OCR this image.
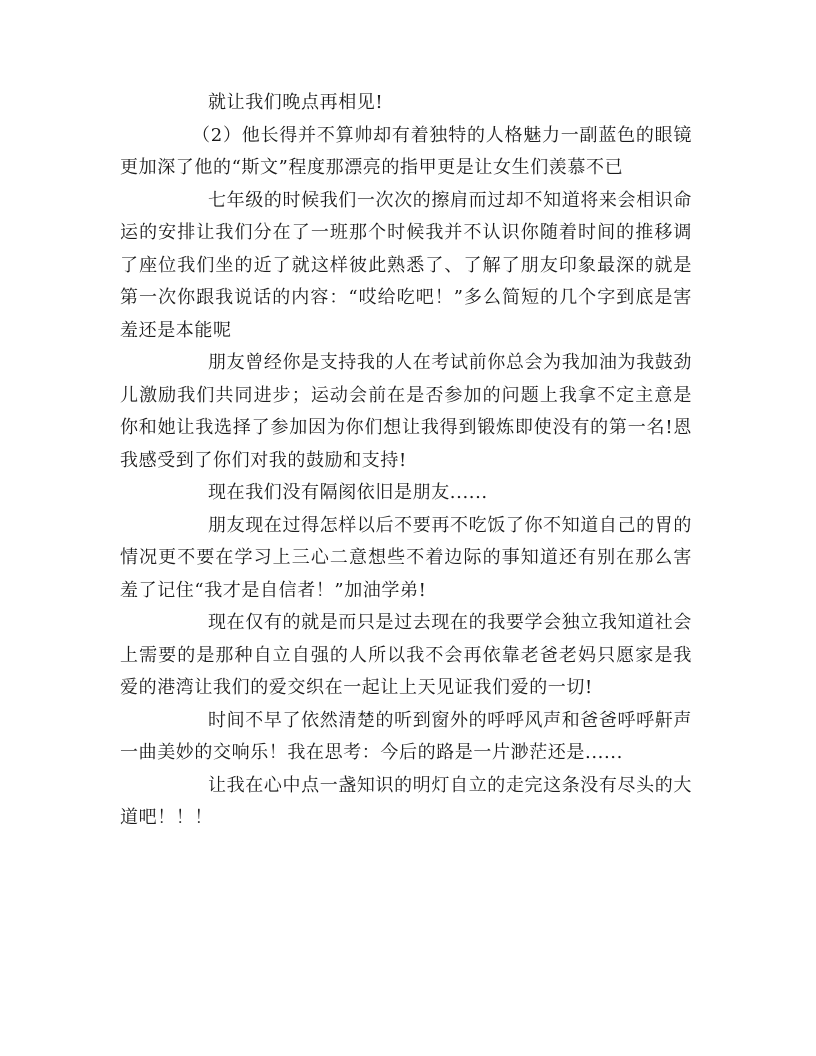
就让我们晚点再相见!

（2）他长得并不算帅却有着独特的人格魅力一副蓝色的眼镜更加深了他的“斯文”程度那漂亮的指甲更是让女生们羡慕不已

七年级的时候我们一次次的擦肩而过却不知道将来会相识命运的安排让我们分在了一班那个时候我并不认识你随着时间的推移调了座位我们坐的近了就这样彼此熟悉了、了解了朋友印象最深的就是第一次你跟我说话的内容：“哎给吃吧！”多么简短的几个字到底是害羞还是本能呢

朋友曾经你是支持我的人在考试前你总会为我加油为我鼓劲儿激励我们共同进步；运动会前在是否参加的问题上我拿不定主意是你和她让我选择了参加因为你们想让我得到锻炼即使没有的第一名!恩我感受到了你们对我的鼓励和支持!

现在我们没有隔阂依旧是朋友......

朋友现在过得怎样以后不要再不吃饭了你不知道自己的胃的情况更不要在学习上三心二意想些不着边际的事知道还有别在那么害羞了记住“我才是自信者！”加油学弟!

现在仅有的就是而只是过去现在的我要学会独立我知道社会上需要的是那种自立自强的人所以我不会再依靠老爸老妈只愿家是我爱的港湾让我们的爱交织在一起让上天见证我们爱的一切!

时间不早了依然清楚的听到窗外的呼呼风声和爸爸呼呼鼾声一曲美妙的交响乐！我在思考：今后的路是一片渺茫还是......

让我在心中点一盏知识的明灯自立的走完这条没有尽头的大道吧！！！
